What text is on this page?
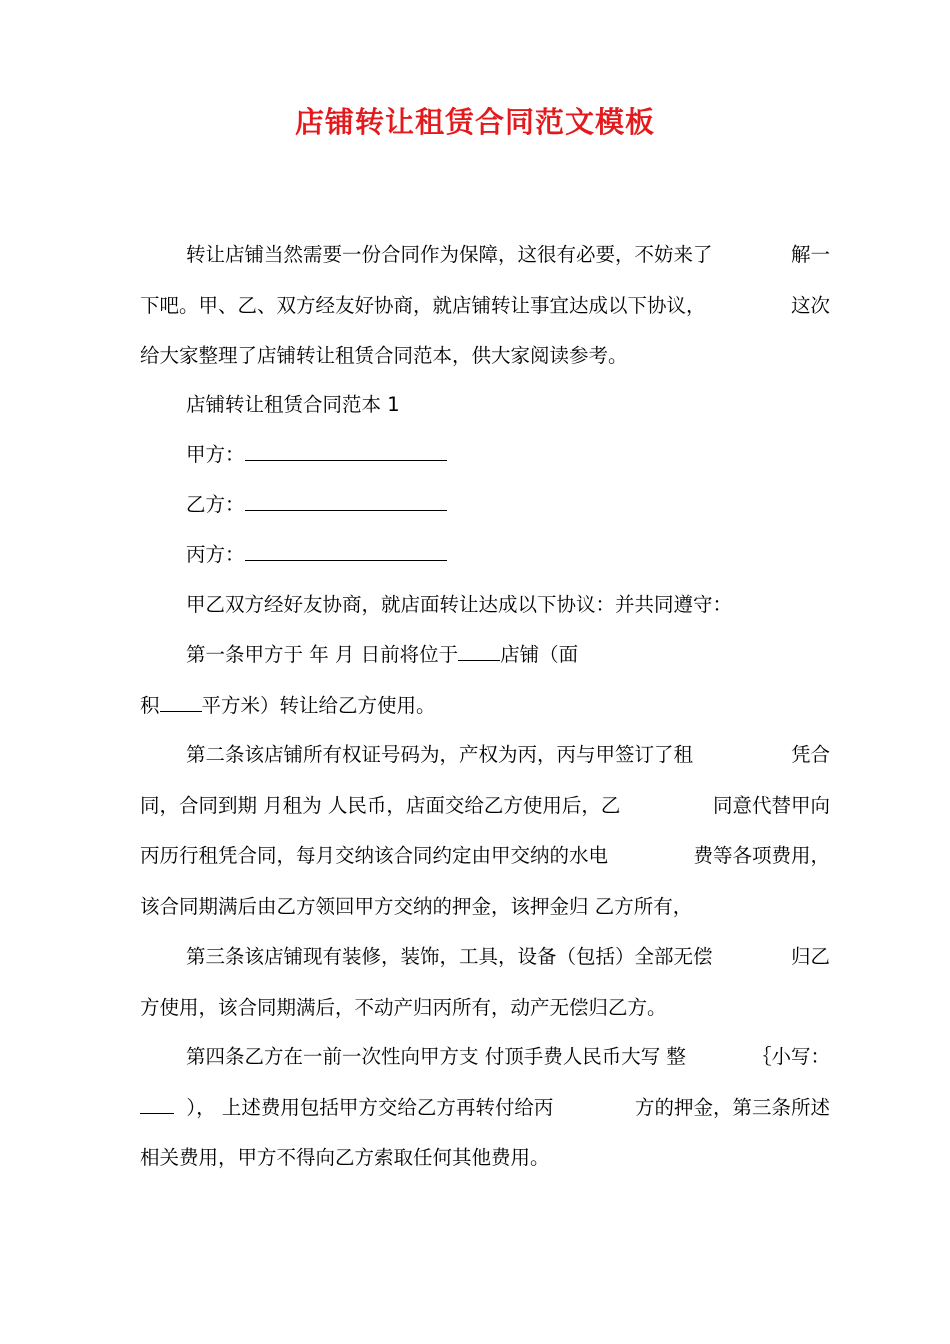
店铺转让租赁合同范文模板
转让店铺当然需要一份合同作为保障，这很有必要，不妨来了	解一
下吧。甲、乙、双方经友好协商，就店铺转让事宜达成以下协议，	这次
给大家整理了店铺转让租赁合同范本，供大家阅读参考。
店铺转让租赁合同范本 1
甲方：
乙方：
丙方：
甲乙双方经好友协商，就店面转让达成以下协议：并共同遵守：
第一条甲方于 年 月 日前将位于 店铺（面
积 平方米）转让给乙方使用。
第二条该店铺所有权证号码为，产权为丙，丙与甲签订了租	凭合
同，合同到期 月租为 人民币，店面交给乙方使用后，乙	同意代替甲向
丙历行租凭合同，每月交纳该合同约定由甲交纳的水电	费等各项费用，
该合同期满后由乙方领回甲方交纳的押金，该押金归 乙方所有，
第三条该店铺现有装修，装饰，工具，设备（包括）全部无偿	归乙
方使用，该合同期满后，不动产归丙所有，动产无偿归乙方。
第四条乙方在一前一次性向甲方支 付顶手费人民币大写 整	｛小写：
）， 上述费用包括甲方交给乙方再转付给丙	方的押金，第三条所述
相关费用，甲方不得向乙方索取任何其他费用。
